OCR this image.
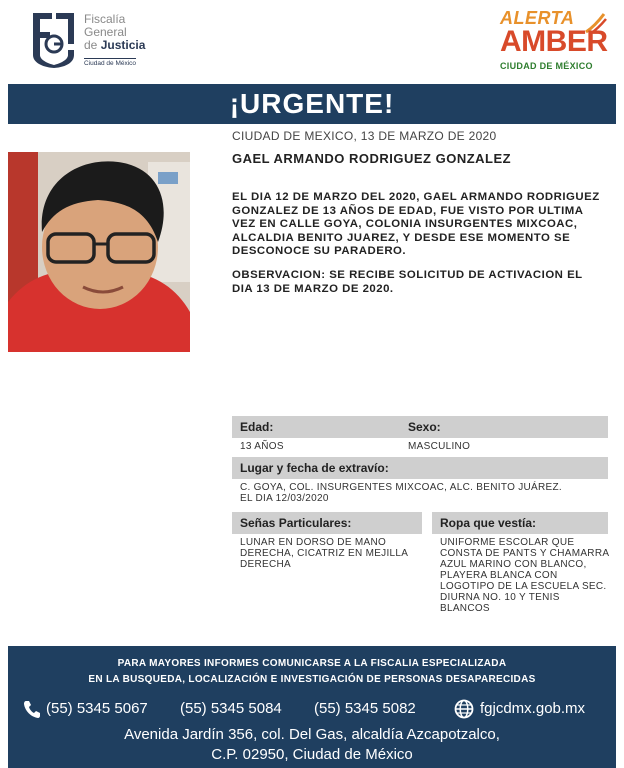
Fiscalía
General
de Justicia
Ciudad de México
ALERTA
AMBER
CIUDAD DE MÉXICO
¡URGENTE!
CIUDAD DE MEXICO, 13 DE MARZO DE 2020
GAEL ARMANDO RODRIGUEZ GONZALEZ
EL DIA 12 DE MARZO DEL 2020, GAEL ARMANDO RODRIGUEZ GONZALEZ DE 13 AÑOS DE EDAD, FUE VISTO POR ULTIMA VEZ EN CALLE GOYA, COLONIA INSURGENTES MIXCOAC, ALCALDIA BENITO JUAREZ, Y DESDE ESE MOMENTO SE DESCONOCE SU PARADERO.
OBSERVACION: SE RECIBE SOLICITUD DE ACTIVACION EL DIA 13 DE MARZO DE 2020.
Edad:	Sexo:
13 AÑOS	MASCULINO
Lugar y fecha de extravío:
C. GOYA, COL. INSURGENTES MIXCOAC, ALC. BENITO JUÁREZ. EL DIA 12/03/2020
Señas Particulares:	Ropa que vestía:
LUNAR EN DORSO DE MANO DERECHA, CICATRIZ EN MEJILLA DERECHA
UNIFORME ESCOLAR QUE CONSTA DE PANTS Y CHAMARRA AZUL MARINO CON BLANCO, PLAYERA BLANCA CON LOGOTIPO DE LA ESCUELA SEC. DIURNA NO. 10 Y TENIS BLANCOS
PARA MAYORES INFORMES COMUNICARSE A LA FISCALIA ESPECIALIZADA
EN LA BUSQUEDA, LOCALIZACIÓN E INVESTIGACIÓN DE PERSONAS DESAPARECIDAS
(55) 5345 5067 (55) 5345 5084 (55) 5345 5082	fgjcdmx.gob.mx
Avenida Jardín 356, col. Del Gas, alcaldía Azcapotzalco,
C.P. 02950, Ciudad de México
